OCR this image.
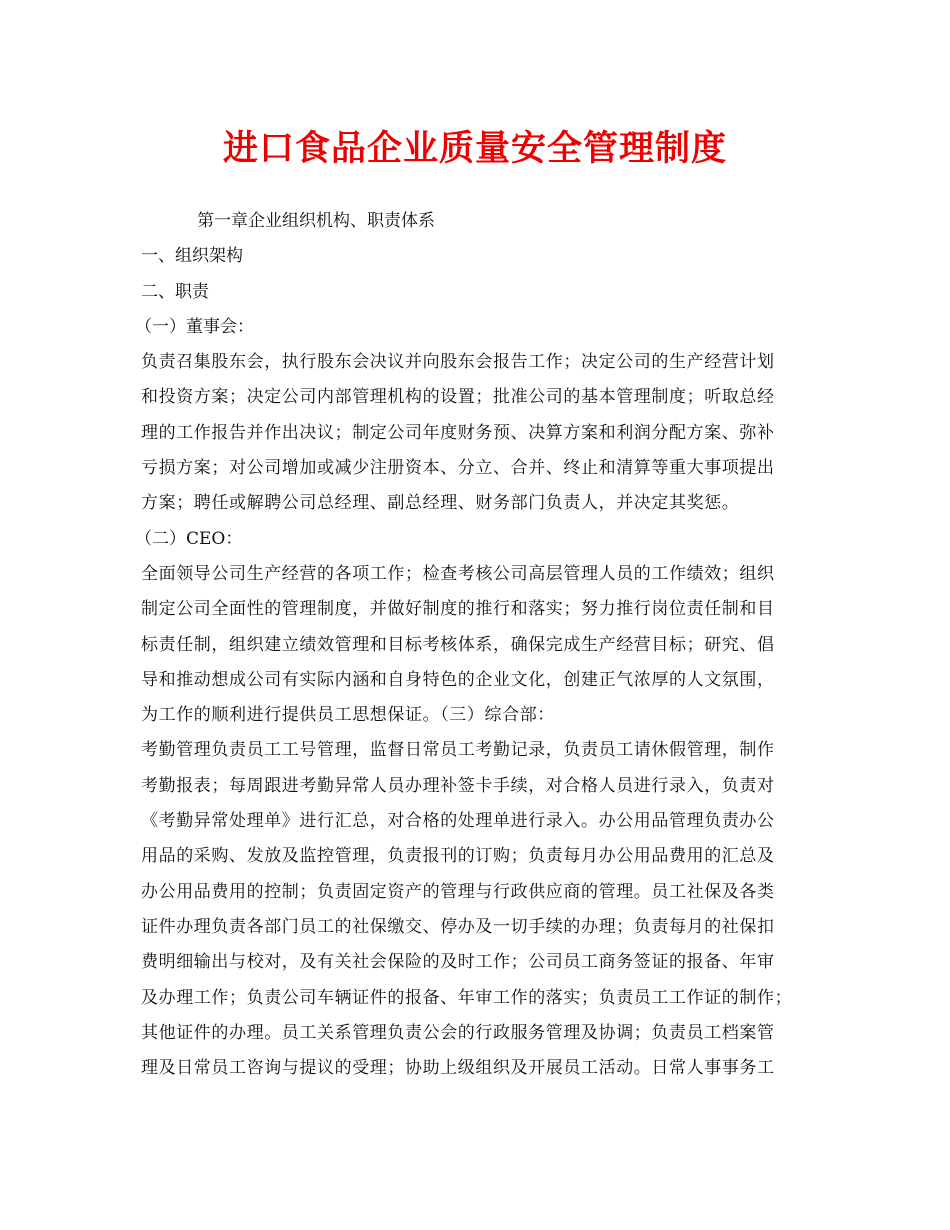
进口食品企业质量安全管理制度
第一章企业组织机构、职责体系
一、组织架构
二、职责
（一）董事会：
负责召集股东会，执行股东会决议并向股东会报告工作；决定公司的生产经营计划
和投资方案；决定公司内部管理机构的设置；批准公司的基本管理制度；听取总经
理的工作报告并作出决议；制定公司年度财务预、决算方案和利润分配方案、弥补
亏损方案；对公司增加或减少注册资本、分立、合并、终止和清算等重大事项提出
方案；聘任或解聘公司总经理、副总经理、财务部门负责人，并决定其奖惩。
（二）CEO：
全面领导公司生产经营的各项工作；检查考核公司高层管理人员的工作绩效；组织
制定公司全面性的管理制度，并做好制度的推行和落实；努力推行岗位责任制和目
标责任制，组织建立绩效管理和目标考核体系，确保完成生产经营目标；研究、倡
导和推动想成公司有实际内涵和自身特色的企业文化，创建正气浓厚的人文氛围，
为工作的顺利进行提供员工思想保证。（三）综合部：
考勤管理负责员工工号管理，监督日常员工考勤记录，负责员工请休假管理，制作
考勤报表；每周跟进考勤异常人员办理补签卡手续，对合格人员进行录入，负责对
《考勤异常处理单》进行汇总，对合格的处理单进行录入。办公用品管理负责办公
用品的采购、发放及监控管理，负责报刊的订购；负责每月办公用品费用的汇总及
办公用品费用的控制；负责固定资产的管理与行政供应商的管理。员工社保及各类
证件办理负责各部门员工的社保缴交、停办及一切手续的办理；负责每月的社保扣
费明细输出与校对，及有关社会保险的及时工作；公司员工商务签证的报备、年审
及办理工作；负责公司车辆证件的报备、年审工作的落实；负责员工工作证的制作；
其他证件的办理。员工关系管理负责公会的行政服务管理及协调；负责员工档案管
理及日常员工咨询与提议的受理；协助上级组织及开展员工活动。日常人事事务工
